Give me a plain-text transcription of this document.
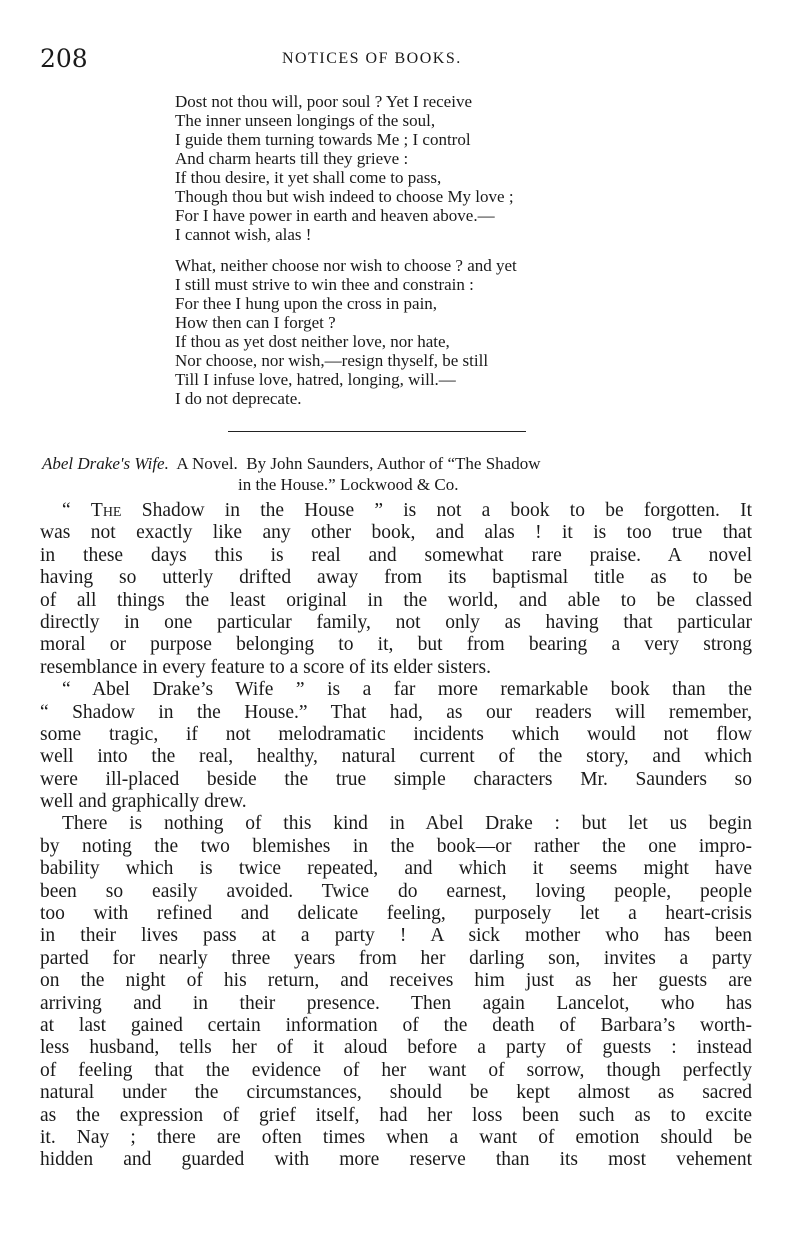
208	NOTICES OF BOOKS.
Dost not thou will, poor soul ? Yet I receive
The inner unseen longings of the soul,
I guide them turning towards Me ; I control
And charm hearts till they grieve :
If thou desire, it yet shall come to pass,
Though thou but wish indeed to choose My love ;
For I have power in earth and heaven above.—
I cannot wish, alas !
What, neither choose nor wish to choose ? and yet
I still must strive to win thee and constrain :
For thee I hung upon the cross in pain,
How then can I forget ?
If thou as yet dost neither love, nor hate,
Nor choose, nor wish,—resign thyself, be still
Till I infuse love, hatred, longing, will.—
I do not deprecate.
Abel Drake's Wife.  A Novel.  By John Saunders, Author of “The Shadow
in the House.” Lockwood & Co.
“ The Shadow in the House ” is not a book to be forgotten. It
was not exactly like any other book, and alas ! it is too true that
in these days this is real and somewhat rare praise. A novel
having so utterly drifted away from its baptismal title as to be
of all things the least original in the world, and able to be classed
directly in one particular family, not only as having that particular
moral or purpose belonging to it, but from bearing a very strong
resemblance in every feature to a score of its elder sisters.
“ Abel Drake’s Wife ” is a far more remarkable book than the
“ Shadow in the House.” That had, as our readers will remember,
some tragic, if not melodramatic incidents which would not flow
well into the real, healthy, natural current of the story, and which
were ill-placed beside the true simple characters Mr. Saunders so
well and graphically drew.
There is nothing of this kind in Abel Drake : but let us begin
by noting the two blemishes in the book—or rather the one impro-
bability which is twice repeated, and which it seems might have
been so easily avoided. Twice do earnest, loving people, people
too with refined and delicate feeling, purposely let a heart-crisis
in their lives pass at a party ! A sick mother who has been
parted for nearly three years from her darling son, invites a party
on the night of his return, and receives him just as her guests are
arriving and in their presence. Then again Lancelot, who has
at last gained certain information of the death of Barbara’s worth-
less husband, tells her of it aloud before a party of guests : instead
of feeling that the evidence of her want of sorrow, though perfectly
natural under the circumstances, should be kept almost as sacred
as the expression of grief itself, had her loss been such as to excite
it. Nay ; there are often times when a want of emotion should be
hidden and guarded with more reserve than its most vehement
